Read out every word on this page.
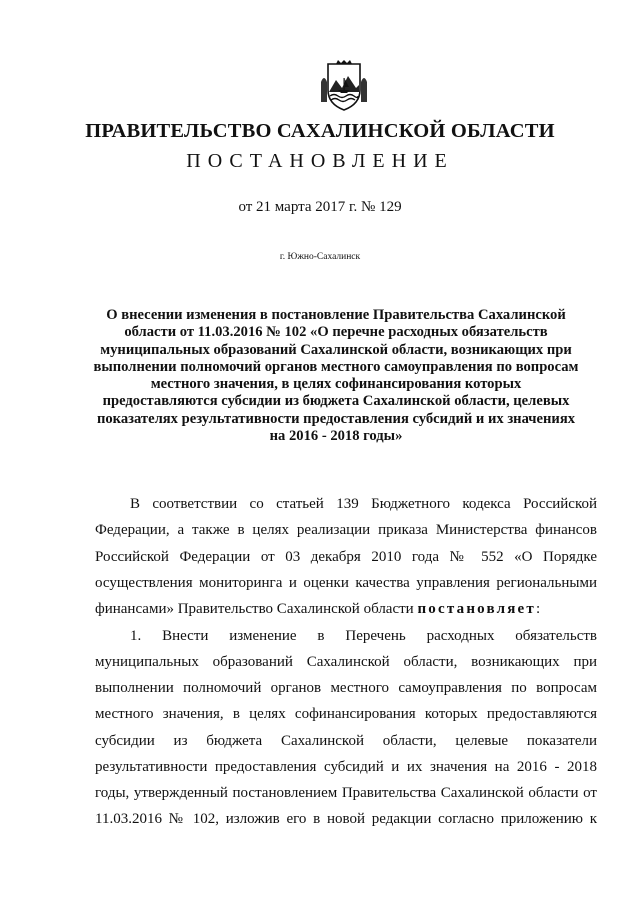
ПРАВИТЕЛЬСТВО САХАЛИНСКОЙ ОБЛАСТИ
ПОСТАНОВЛЕНИЕ
от 21 марта 2017 г. № 129
г. Южно-Сахалинск
О внесении изменения в постановление Правительства Сахалинской
области от 11.03.2016 № 102 «О перечне расходных обязательств
муниципальных образований Сахалинской области, возникающих при
выполнении полномочий органов местного самоуправления по вопросам
местного значения, в целях софинансирования которых
предоставляются субсидии из бюджета Сахалинской области, целевых
показателях результативности предоставления субсидий и их значениях
на 2016 - 2018 годы»
В соответствии со статьей 139 Бюджетного кодекса Российской
Федерации, а также в целях реализации приказа Министерства финансов
Российской Федерации от 03 декабря 2010 года № 552 «О Порядке
осуществления мониторинга и оценки качества управления региональными
финансами» Правительство Сахалинской области постановляет:
1. Внести изменение в Перечень расходных обязательств
муниципальных образований Сахалинской области, возникающих при
выполнении полномочий органов местного самоуправления по вопросам
местного значения, в целях софинансирования которых предоставляются
субсидии из бюджета Сахалинской области, целевые показатели
результативности предоставления субсидий и их значения на 2016 - 2018
годы, утвержденный постановлением Правительства Сахалинской области от
11.03.2016 № 102, изложив его в новой редакции согласно приложению к
